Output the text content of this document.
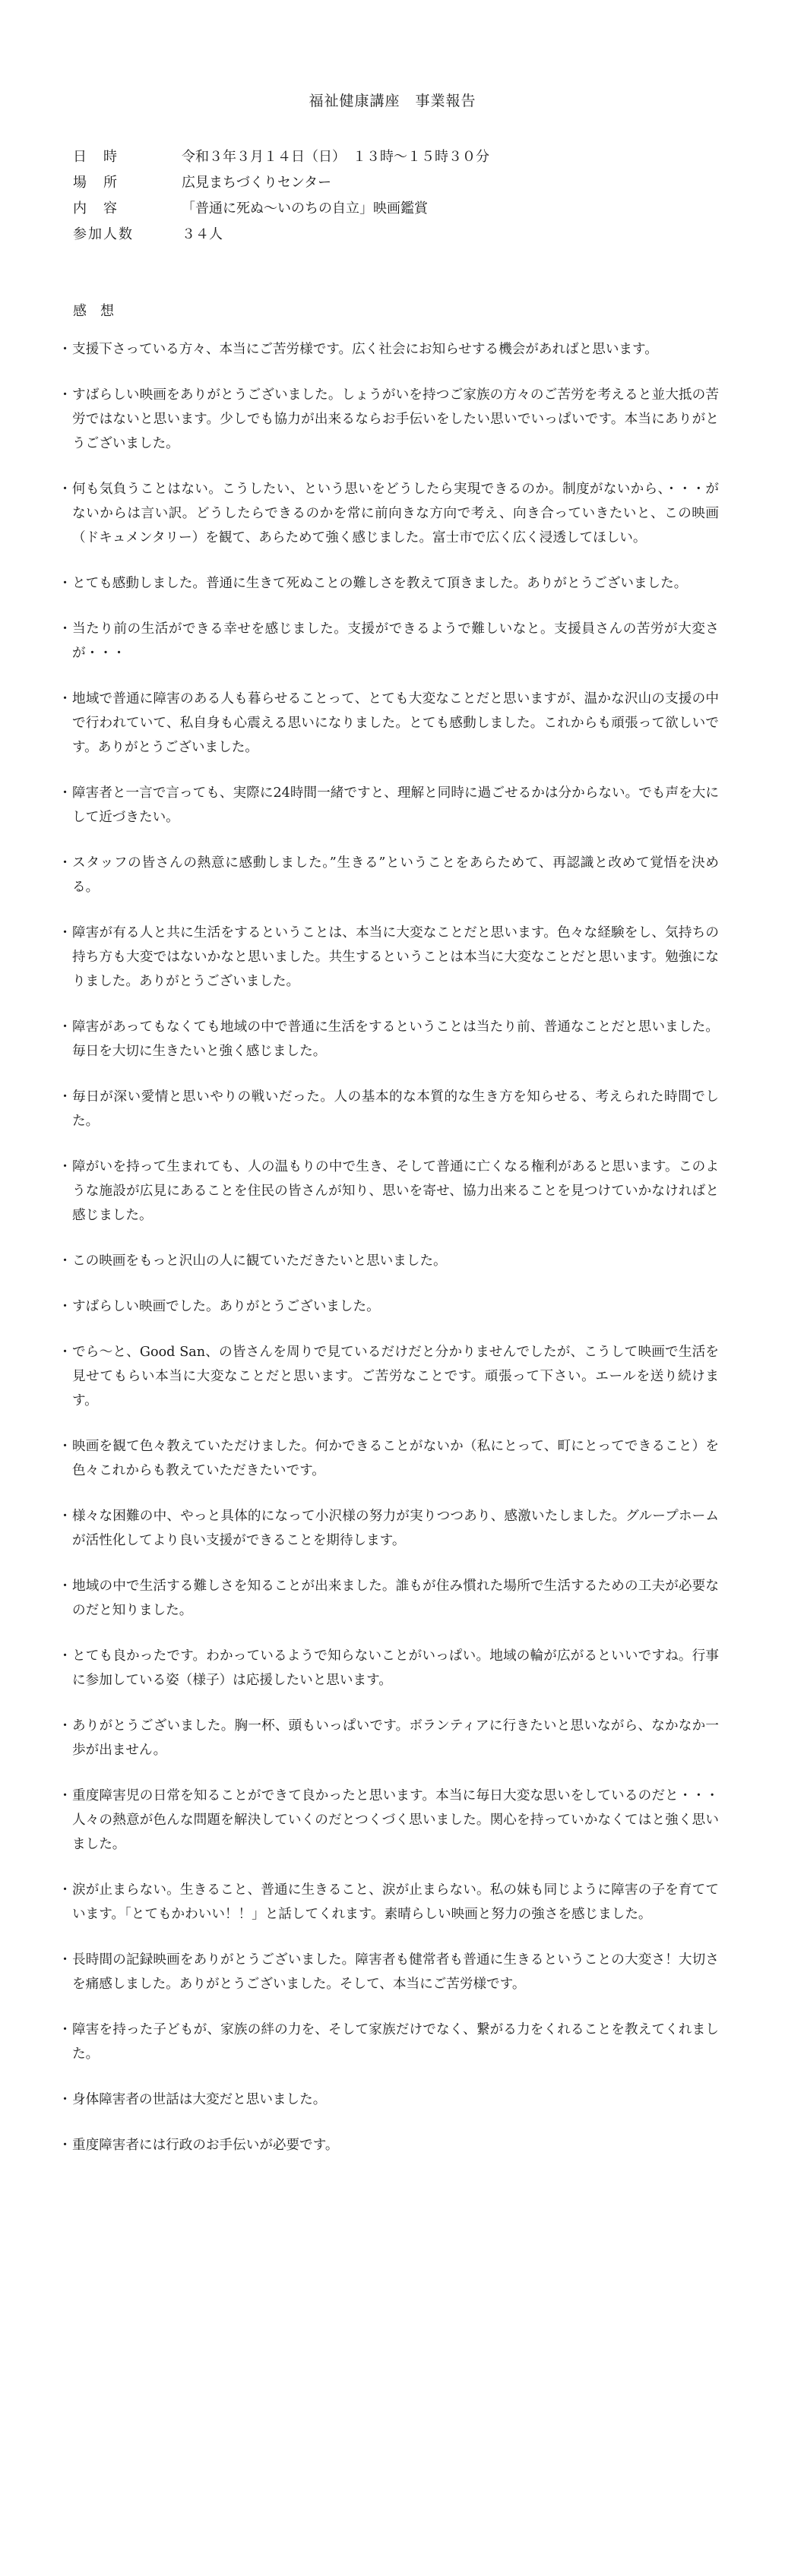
福祉健康講座　事業報告
日　時	令和３年３月１４日（日）　１３時～１５時３０分
場　所	広見まちづくりセンター
内　容	「普通に死ぬ～いのちの自立」映画鑑賞
参加人数	３４人
感想
・ 支援下さっている方々、本当にご苦労様です。広く社会にお知らせする機会があればと思います。
・ すばらしい映画をありがとうございました。しょうがいを持つご家族の方々のご苦労を考えると並大抵の苦労ではないと思います。少しでも協力が出来るならお手伝いをしたい思いでいっぱいです。本当にありがとうございました。
・ 何も気負うことはない。こうしたい、という思いをどうしたら実現できるのか。制度がないから、・・・がないからは言い訳。どうしたらできるのかを常に前向きな方向で考え、向き合っていきたいと、この映画（ドキュメンタリー）を観て、あらためて強く感じました。富士市で広く広く浸透してほしい。
・ とても感動しました。普通に生きて死ぬことの難しさを教えて頂きました。ありがとうございました。
・ 当たり前の生活ができる幸せを感じました。支援ができるようで難しいなと。支援員さんの苦労が大変さが・・・
・ 地域で普通に障害のある人も暮らせることって、とても大変なことだと思いますが、温かな沢山の支援の中で行われていて、私自身も心震える思いになりました。とても感動しました。これからも頑張って欲しいです。ありがとうございました。
・ 障害者と一言で言っても、実際に24時間一緒ですと、理解と同時に過ごせるかは分からない。でも声を大にして近づきたい。
・ スタッフの皆さんの熱意に感動しました。”生きる”ということをあらためて、再認識と改めて覚悟を決める。
・ 障害が有る人と共に生活をするということは、本当に大変なことだと思います。色々な経験をし、気持ちの持ち方も大変ではないかなと思いました。共生するということは本当に大変なことだと思います。勉強になりました。ありがとうございました。
・ 障害があってもなくても地域の中で普通に生活をするということは当たり前、普通なことだと思いました。毎日を大切に生きたいと強く感じました。
・ 毎日が深い愛情と思いやりの戦いだった。人の基本的な本質的な生き方を知らせる、考えられた時間でした。
・ 障がいを持って生まれても、人の温もりの中で生き、そして普通に亡くなる権利があると思います。このような施設が広見にあることを住民の皆さんが知り、思いを寄せ、協力出来ることを見つけていかなければと感じました。
・ この映画をもっと沢山の人に観ていただきたいと思いました。
・ すばらしい映画でした。ありがとうございました。
・ でら～と、Good San、の皆さんを周りで見ているだけだと分かりませんでしたが、こうして映画で生活を見せてもらい本当に大変なことだと思います。ご苦労なことです。頑張って下さい。エールを送り続けます。
・ 映画を観て色々教えていただけました。何かできることがないか（私にとって、町にとってできること）を色々これからも教えていただきたいです。
・ 様々な困難の中、やっと具体的になって小沢様の努力が実りつつあり、感激いたしました。グループホームが活性化してより良い支援ができることを期待します。
・ 地域の中で生活する難しさを知ることが出来ました。誰もが住み慣れた場所で生活するための工夫が必要なのだと知りました。
・ とても良かったです。わかっているようで知らないことがいっぱい。地域の輪が広がるといいですね。行事に参加している姿（様子）は応援したいと思います。
・ ありがとうございました。胸一杯、頭もいっぱいです。ボランティアに行きたいと思いながら、なかなか一歩が出ません。
・ 重度障害児の日常を知ることができて良かったと思います。本当に毎日大変な思いをしているのだと・・・人々の熱意が色んな問題を解決していくのだとつくづく思いました。関心を持っていかなくてはと強く思いました。
・ 涙が止まらない。生きること、普通に生きること、涙が止まらない。私の妹も同じように障害の子を育てています。「とてもかわいい！！」と話してくれます。素晴らしい映画と努力の強さを感じました。
・ 長時間の記録映画をありがとうございました。障害者も健常者も普通に生きるということの大変さ！大切さを痛感しました。ありがとうございました。そして、本当にご苦労様です。
・ 障害を持った子どもが、家族の絆の力を、そして家族だけでなく、繋がる力をくれることを教えてくれました。
・ 身体障害者の世話は大変だと思いました。
・ 重度障害者には行政のお手伝いが必要です。
